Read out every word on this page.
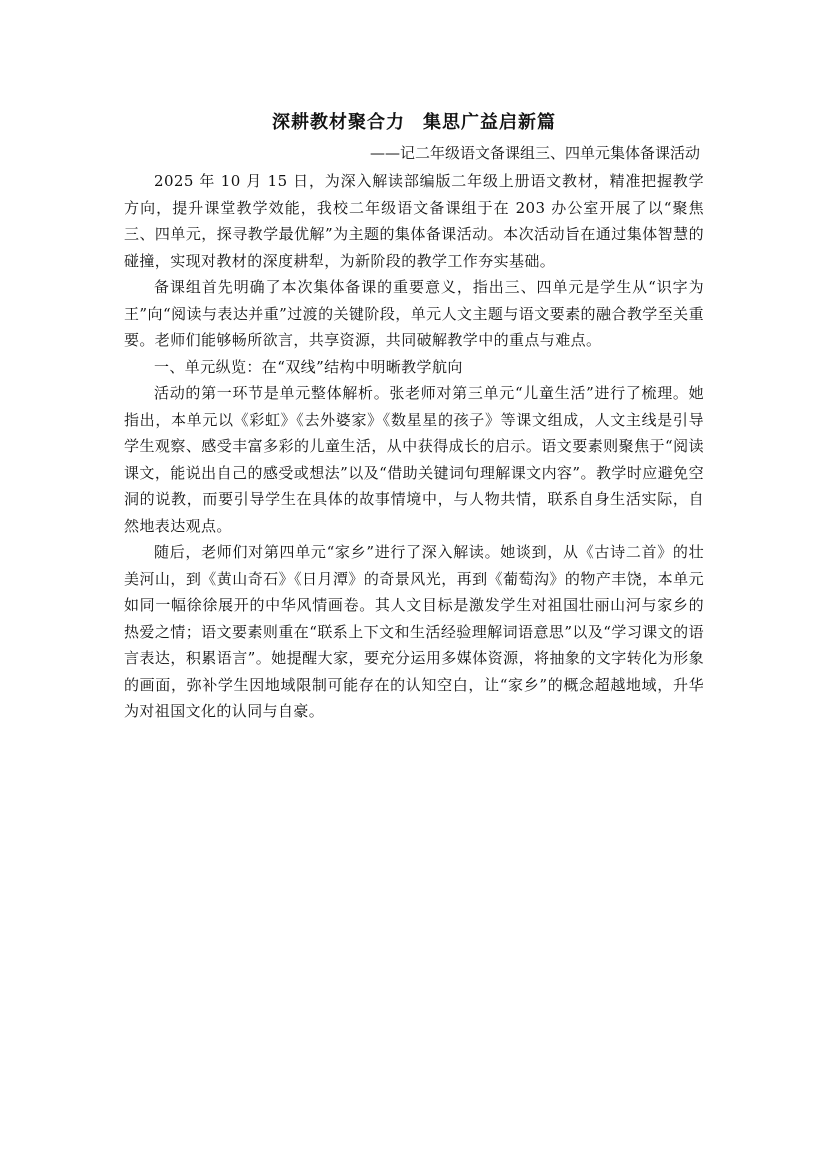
深耕教材聚合力 集思广益启新篇

——记二年级语文备课组三、四单元集体备课活动

2025 年 10 月 15 日，为深入解读部编版二年级上册语文教材，精准把握教学方向，提升课堂教学效能，我校二年级语文备课组于在 203 办公室开展了以“聚焦三、四单元，探寻教学最优解”为主题的集体备课活动。本次活动旨在通过集体智慧的碰撞，实现对教材的深度耕犁，为新阶段的教学工作夯实基础。

备课组首先明确了本次集体备课的重要意义，指出三、四单元是学生从“识字为王”向“阅读与表达并重”过渡的关键阶段，单元人文主题与语文要素的融合教学至关重要。老师们能够畅所欲言，共享资源，共同破解教学中的重点与难点。

一、单元纵览：在“双线”结构中明晰教学航向

活动的第一环节是单元整体解析。张老师对第三单元“儿童生活”进行了梳理。她指出，本单元以《彩虹》《去外婆家》《数星星的孩子》等课文组成，人文主线是引导学生观察、感受丰富多彩的儿童生活，从中获得成长的启示。语文要素则聚焦于“阅读课文，能说出自己的感受或想法”以及“借助关键词句理解课文内容”。教学时应避免空洞的说教，而要引导学生在具体的故事情境中，与人物共情，联系自身生活实际，自然地表达观点。

随后，老师们对第四单元“家乡”进行了深入解读。她谈到，从《古诗二首》的壮美河山，到《黄山奇石》《日月潭》的奇景风光，再到《葡萄沟》的物产丰饶，本单元如同一幅徐徐展开的中华风情画卷。其人文目标是激发学生对祖国壮丽山河与家乡的热爱之情；语文要素则重在“联系上下文和生活经验理解词语意思”以及“学习课文的语言表达，积累语言”。她提醒大家，要充分运用多媒体资源，将抽象的文字转化为形象的画面，弥补学生因地域限制可能存在的认知空白，让“家乡”的概念超越地域，升华为对祖国文化的认同与自豪。
